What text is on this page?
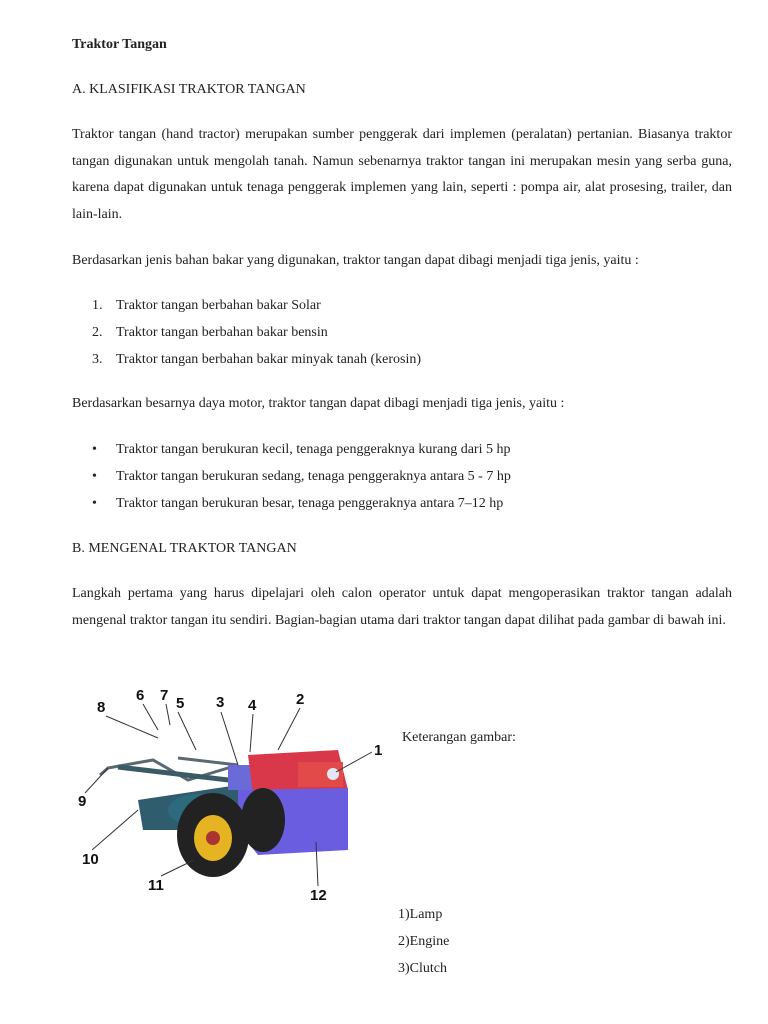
Traktor Tangan
A. KLASIFIKASI TRAKTOR TANGAN
Traktor tangan (hand tractor) merupakan sumber penggerak dari implemen (peralatan) pertanian. Biasanya traktor tangan digunakan untuk mengolah tanah. Namun sebenarnya traktor tangan ini merupakan mesin yang serba guna, karena dapat digunakan untuk tenaga penggerak implemen yang lain, seperti : pompa air, alat prosesing, trailer, dan lain-lain.
Berdasarkan jenis bahan bakar yang digunakan, traktor tangan dapat dibagi menjadi tiga jenis, yaitu :
1. Traktor tangan berbahan bakar Solar
2. Traktor tangan berbahan bakar bensin
3. Traktor tangan berbahan bakar minyak tanah (kerosin)
Berdasarkan besarnya daya motor, traktor tangan dapat dibagi menjadi tiga jenis, yaitu :
• Traktor tangan berukuran kecil, tenaga penggeraknya kurang dari 5 hp
• Traktor tangan berukuran sedang, tenaga penggeraknya antara 5 - 7 hp
• Traktor tangan berukuran besar, tenaga penggeraknya antara 7–12 hp
B. MENGENAL TRAKTOR TANGAN
Langkah pertama yang harus dipelajari oleh calon operator untuk dapat mengoperasikan traktor tangan adalah mengenal traktor tangan itu sendiri. Bagian-bagian utama dari traktor tangan dapat dilihat pada gambar di bawah ini.
2
1
3 4
5
6 7
8
9
10
11
12
Keterangan gambar:
1)Lamp
2)Engine
3)Clutch
